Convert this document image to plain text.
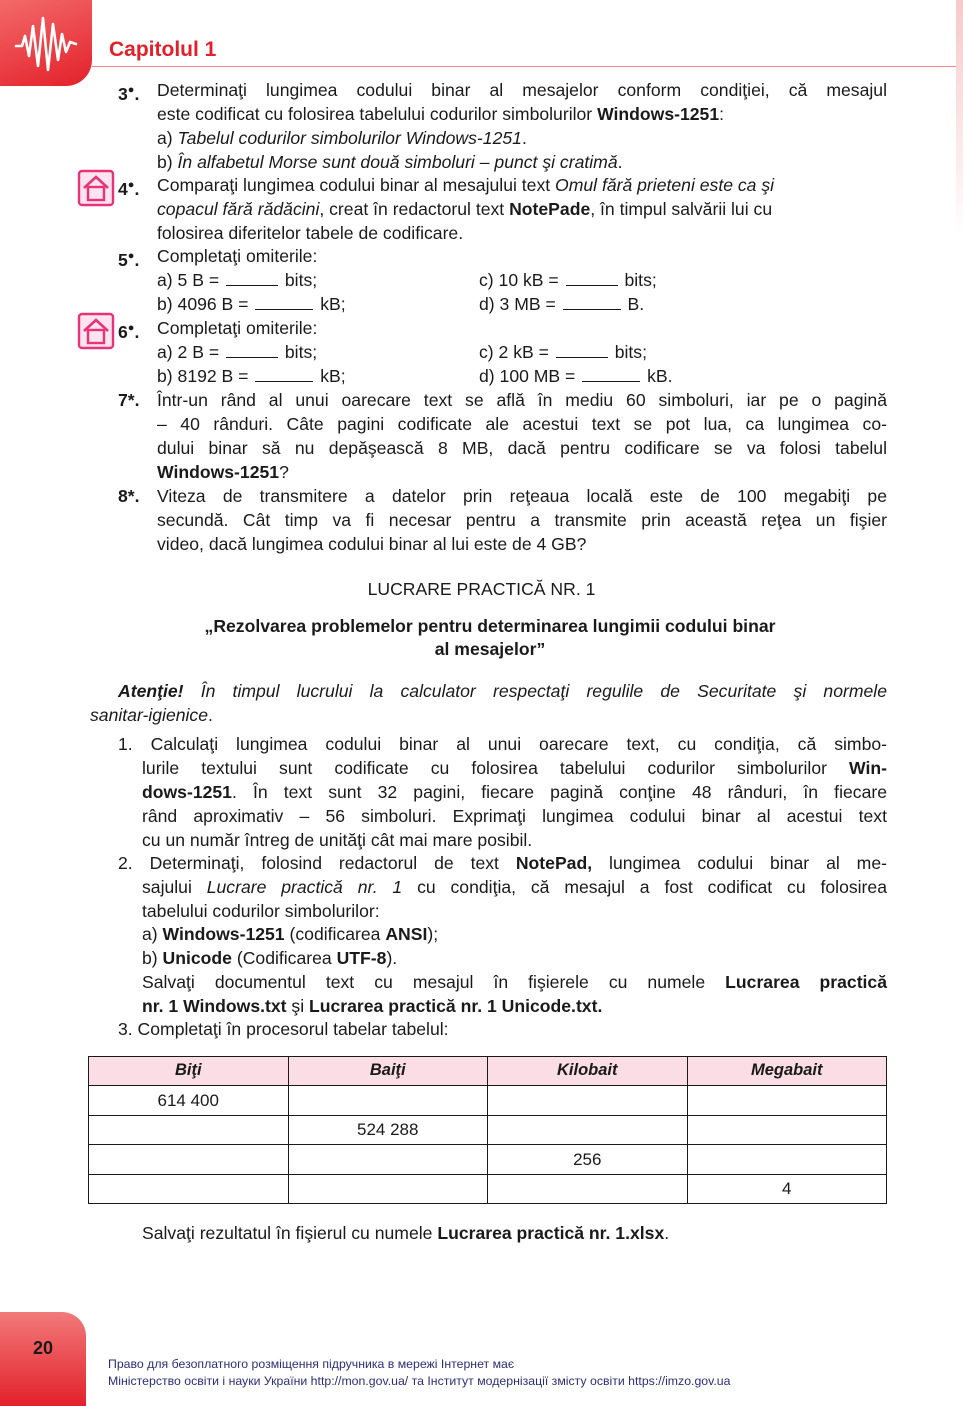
Capitolul 1
3●. Determinaţi lungimea codului binar al mesajelor conform condiţiei, că mesajul
este codificat cu folosirea tabelului codurilor simbolurilor Windows-1251:
a) Tabelul codurilor simbolurilor Windows-1251.
b) În alfabetul Morse sunt două simboluri – punct şi cratimă.
4●. Comparaţi lungimea codului binar al mesajului text Omul fără prieteni este ca şi
copacul fără rădăcini, creat în redactorul text NotePade, în timpul salvării lui cu
folosirea diferitelor tabele de codificare.
5●. Completaţi omiterile:
a) 5 B =	bits;	c) 10 kB =	bits;
b) 4096 B =	kB;	d) 3 MB =	B.
6●. Completaţi omiterile:
a) 2 B =	bits;	c) 2 kB =	bits;
b) 8192 B =	kB;	d) 100 MB =	kB.
7*. Într-un rând al unui oarecare text se află în mediu 60 simboluri, iar pe o pagină
– 40 rânduri. Câte pagini codificate ale acestui text se pot lua, ca lungimea co-
dului binar să nu depăşească 8 MB, dacă pentru codificare se va folosi tabelul
Windows-1251?
8*. Viteza de transmitere a datelor prin reţeaua locală este de 100 megabiţi pe
secundă. Cât timp va fi necesar pentru a transmite prin această reţea un fişier
video, dacă lungimea codului binar al lui este de 4 GB?
LUCRARE PRACTICĂ NR. 1
„Rezolvarea problemelor pentru determinarea lungimii codului binar
al mesajelor”
Atenţie! În timpul lucrului la calculator respectaţi regulile de Securitate şi normele
sanitar-igienice.
1. Calculaţi lungimea codului binar al unui oarecare text, cu condiţia, că simbo-
lurile textului sunt codificate cu folosirea tabelului codurilor simbolurilor Win-
dows-1251. În text sunt 32 pagini, fiecare pagină conţine 48 rânduri, în fiecare
rând aproximativ – 56 simboluri. Exprimaţi lungimea codului binar al acestui text
cu un număr întreg de unităţi cât mai mare posibil.
2. Determinaţi, folosind redactorul de text NotePad, lungimea codului binar al me-
sajului Lucrare practică nr. 1 cu condiţia, că mesajul a fost codificat cu folosirea
tabelului codurilor simbolurilor:
a) Windows-1251 (codificarea ANSI);
b) Unicode (Codificarea UTF-8).
Salvaţi documentul text cu mesajul în fişierele cu numele Lucrarea practică
nr. 1 Windows.txt şi Lucrarea practică nr. 1 Unicode.txt.
3. Completaţi în procesorul tabelar tabelul:
Biţi	Baiţi	Kilobait	Megabait
614 400			
	524 288		
		256	
			4
Salvaţi rezultatul în fişierul cu numele Lucrarea practică nr. 1.xlsx.
20
Право для безоплатного розміщення підручника в мережі Інтернет має
Міністерство освіти і науки України http://mon.gov.ua/ та Інститут модернізації змісту освіти https://imzo.gov.ua
